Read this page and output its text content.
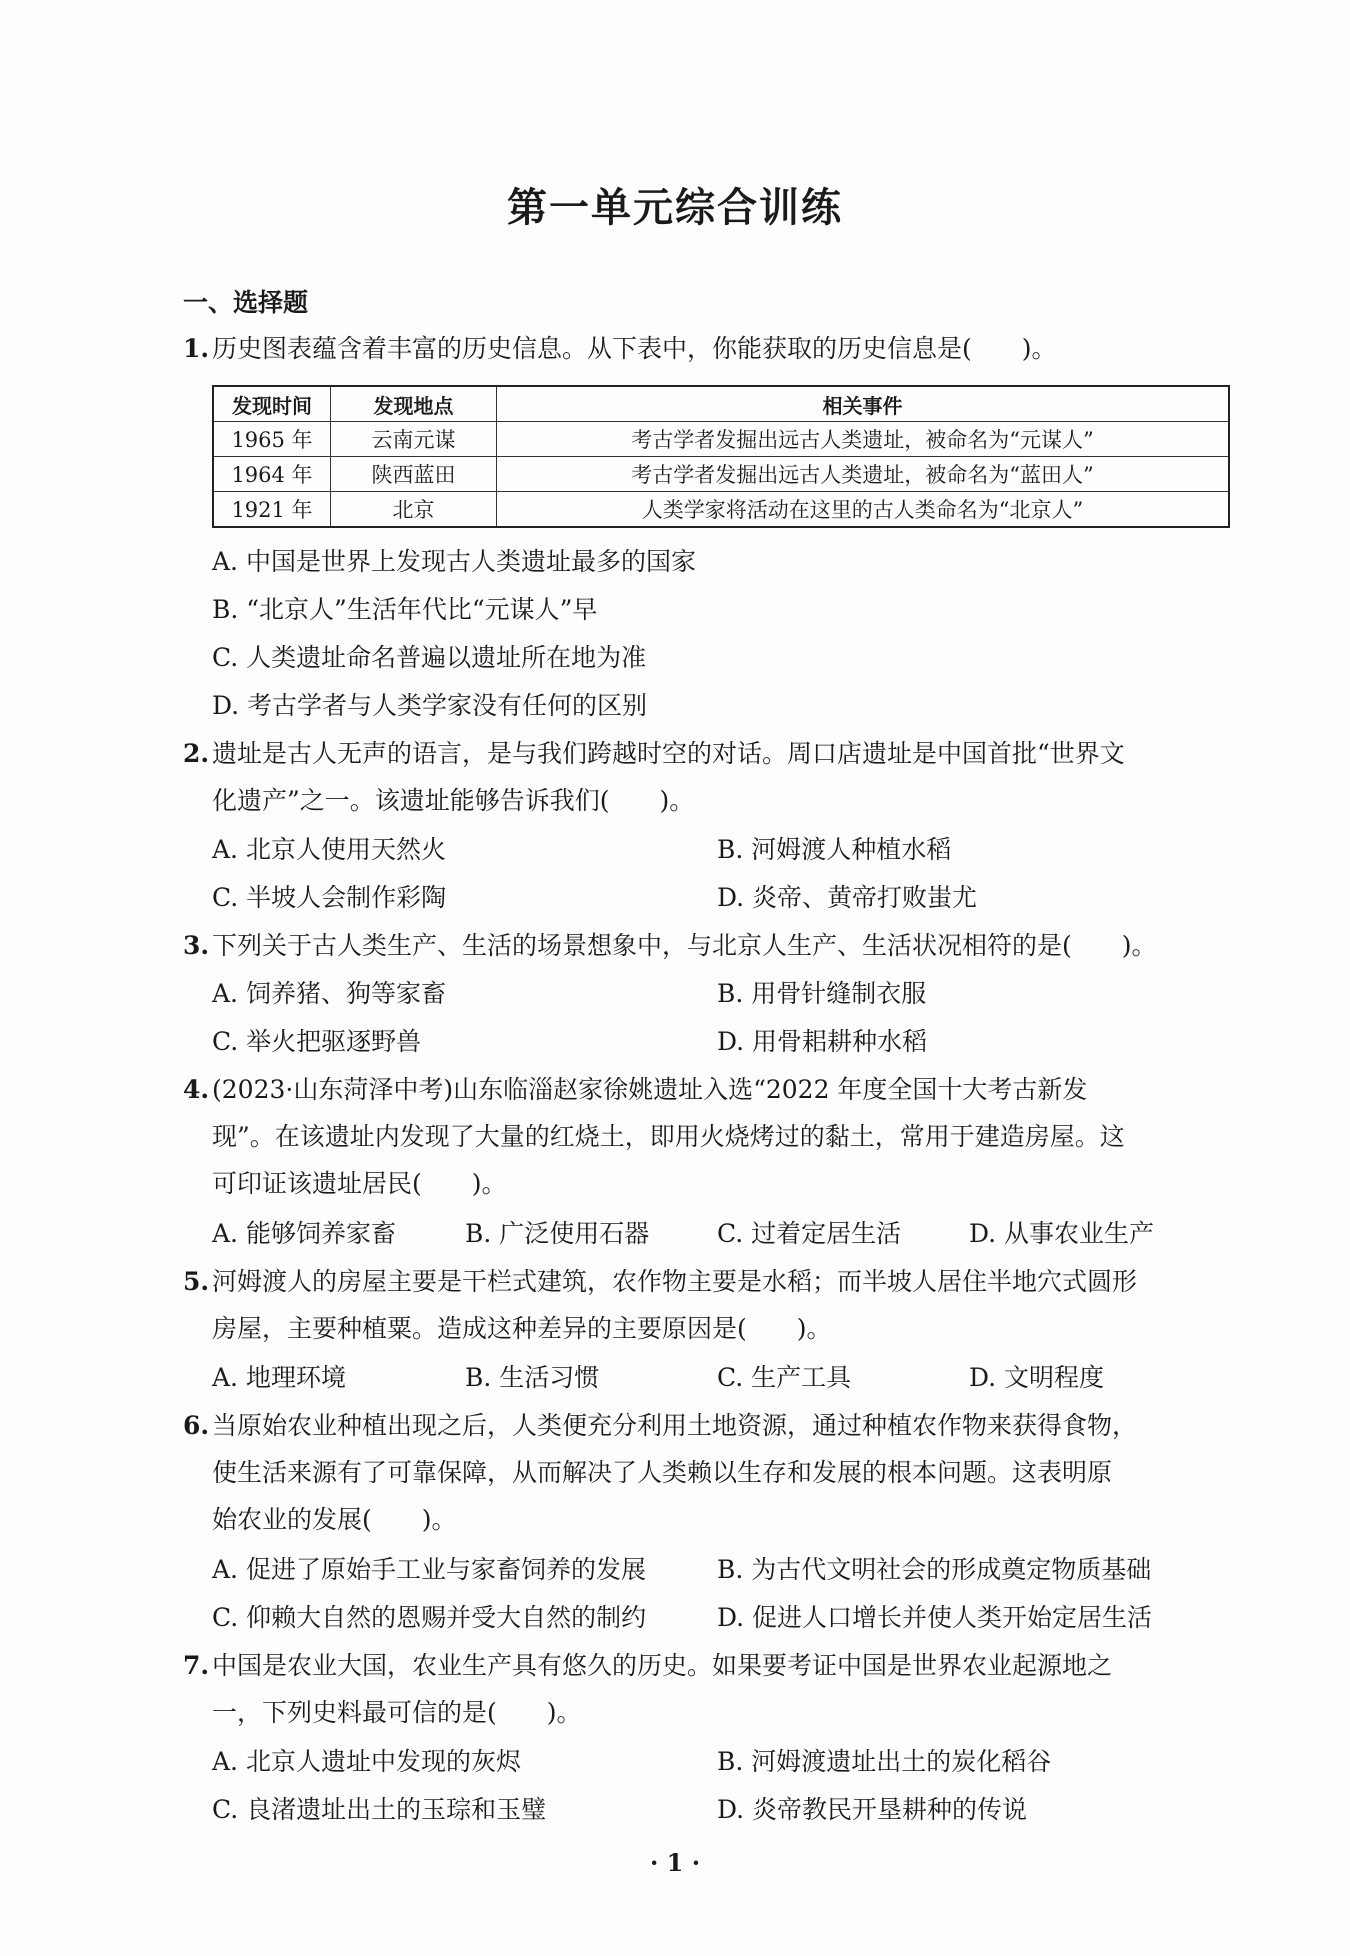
第一单元综合训练
一、选择题
1. 历史图表蕴含着丰富的历史信息。从下表中，你能获取的历史信息是(　　)。
发现时间	发现地点	相关事件
1965 年	云南元谋	考古学者发掘出远古人类遗址，被命名为“元谋人”
1964 年	陕西蓝田	考古学者发掘出远古人类遗址，被命名为“蓝田人”
1921 年	北京	人类学家将活动在这里的古人类命名为“北京人”
A. 中国是世界上发现古人类遗址最多的国家
B. “北京人”生活年代比“元谋人”早
C. 人类遗址命名普遍以遗址所在地为准
D. 考古学者与人类学家没有任何的区别
2. 遗址是古人无声的语言，是与我们跨越时空的对话。周口店遗址是中国首批“世界文
化遗产”之一。该遗址能够告诉我们(　　)。
A. 北京人使用天然火	B. 河姆渡人种植水稻
C. 半坡人会制作彩陶	D. 炎帝、黄帝打败蚩尤
3. 下列关于古人类生产、生活的场景想象中，与北京人生产、生活状况相符的是(　　)。
A. 饲养猪、狗等家畜	B. 用骨针缝制衣服
C. 举火把驱逐野兽	D. 用骨耜耕种水稻
4. (2023·山东菏泽中考)山东临淄赵家徐姚遗址入选“2022 年度全国十大考古新发
现”。在该遗址内发现了大量的红烧土，即用火烧烤过的黏土，常用于建造房屋。这
可印证该遗址居民(　　)。
A. 能够饲养家畜	B. 广泛使用石器	C. 过着定居生活	D. 从事农业生产
5. 河姆渡人的房屋主要是干栏式建筑，农作物主要是水稻；而半坡人居住半地穴式圆形
房屋，主要种植粟。造成这种差异的主要原因是(　　)。
A. 地理环境	B. 生活习惯	C. 生产工具	D. 文明程度
6. 当原始农业种植出现之后，人类便充分利用土地资源，通过种植农作物来获得食物，
使生活来源有了可靠保障，从而解决了人类赖以生存和发展的根本问题。这表明原
始农业的发展(　　)。
A. 促进了原始手工业与家畜饲养的发展	B. 为古代文明社会的形成奠定物质基础
C. 仰赖大自然的恩赐并受大自然的制约	D. 促进人口增长并使人类开始定居生活
7. 中国是农业大国，农业生产具有悠久的历史。如果要考证中国是世界农业起源地之
一，下列史料最可信的是(　　)。
A. 北京人遗址中发现的灰烬	B. 河姆渡遗址出土的炭化稻谷
C. 良渚遗址出土的玉琮和玉璧	D. 炎帝教民开垦耕种的传说
· 1 ·
